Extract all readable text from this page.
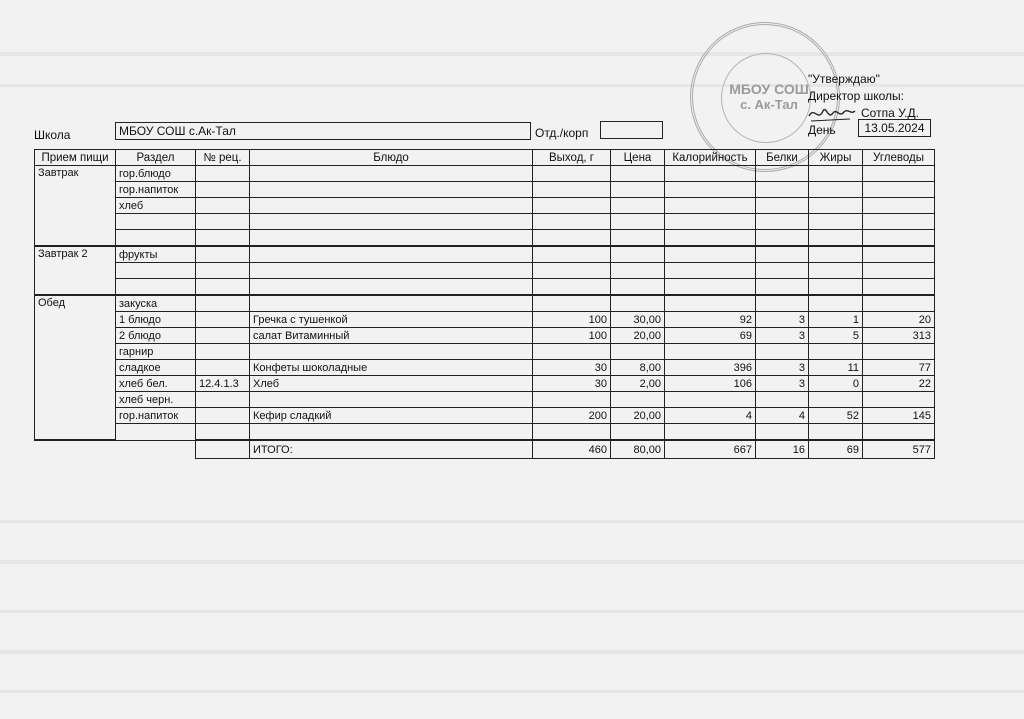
МБОУ СОШ
с. Ак-Тал
"Утверждаю"
Директор школы:
Сотпа У.Д.
День	13.05.2024
Школа	МБОУ СОШ с.Ак-Тал	Отд./корп
Прием пищи	Раздел	№ рец.	Блюдо	Выход, г	Цена	Калорийность	Белки	Жиры	Углеводы
Завтрак	гор.блюдо								
	гор.напиток								
	хлеб								

Завтрак 2	фрукты								

Обед	закуска								
	1 блюдо		Гречка с тушенкой	100	30,00	92	3	1	20
	2 блюдо		салат Витаминный	100	20,00	69	3	5	313
	гарнир								
	сладкое		Конфеты шоколадные	30	8,00	396	3	11	77
	хлеб бел.	12.4.1.3	Хлеб	30	2,00	106	3	0	22
	хлеб черн.								
	гор.напиток		Кефир сладкий	200	20,00	4	4	52	145

			ИТОГО:	460	80,00	667	16	69	577
